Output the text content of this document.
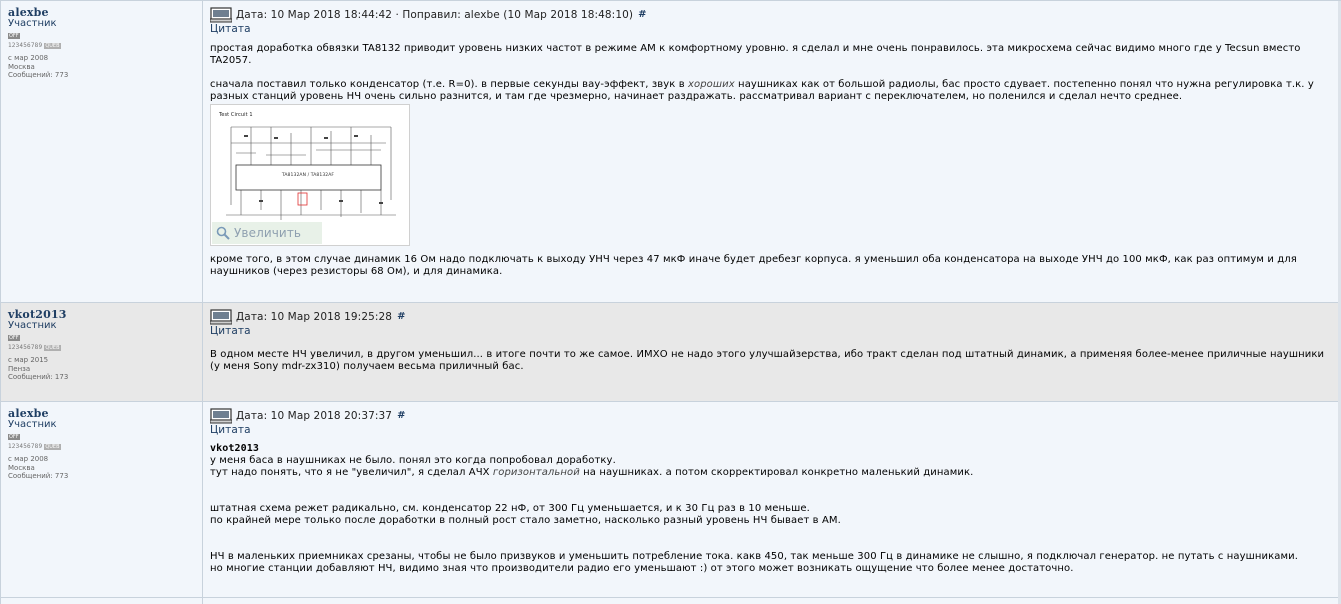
alexbe
Участник
OFF
123456789 QUEB
с мар 2008
Москва
Сообщений: 773
Дата: 10 Мар 2018 18:44:42 · Поправил: alexbe (10 Мар 2018 18:48:10) #
Цитата

простая доработка обвязки TA8132 приводит уровень низких частот в режиме АМ к комфортному уровню. я сделал и мне очень понравилось. эта микросхема сейчас видимо много где у Tecsun вместо TA2057.

сначала поставил только конденсатор (т.е. R=0). в первые секунды вау-эффект, звук в хороших наушниках как от большой радиолы, бас просто сдувает. постепенно понял что нужна регулировка т.к. у разных станций уровень НЧ очень сильно разнится, и там где чрезмерно, начинает раздражать. рассматривал вариант с переключателем, но поленился и сделал нечто среднее.

Test Circuit 1
TA8132AN / TA8132AF
Увеличить

кроме того, в этом случае динамик 16 Ом надо подключать к выходу УНЧ через 47 мкФ иначе будет дребезг корпуса. я уменьшил оба конденсатора на выходе УНЧ до 100 мкФ, как раз оптимум и для наушников (через резисторы 68 Ом), и для динамика.

vkot2013
Участник
OFF
123456789 QUEB
с мар 2015
Пенза
Сообщений: 173
Дата: 10 Мар 2018 19:25:28 #
Цитата

В одном месте НЧ увеличил, в другом уменьшил... в итоге почти то же самое. ИМХО не надо этого улучшайзерства, ибо тракт сделан под штатный динамик, а применяя более-менее приличные наушники (у меня Sony mdr-zx310) получаем весьма приличный бас.

alexbe
Участник
OFF
123456789 QUEB
с мар 2008
Москва
Сообщений: 773
Дата: 10 Мар 2018 20:37:37 #
Цитата
vkot2013

у меня баса в наушниках не было. понял это когда попробовал доработку.

тут надо понять, что я не "увеличил", я сделал АЧХ горизонтальной на наушниках. а потом скорректировал конкретно маленький динамик.

штатная схема режет радикально, см. конденсатор 22 нФ, от 300 Гц уменьшается, и к 30 Гц раз в 10 меньше.

по крайней мере только после доработки в полный рост стало заметно, насколько разный уровень НЧ бывает в АМ.

НЧ в маленьких приемниках срезаны, чтобы не было призвуков и уменьшить потребление тока. какв 450, так меньше 300 Гц в динамике не слышно, я подключал генератор. не путать с наушниками.

но многие станции добавляют НЧ, видимо зная что производители радио его уменьшают :) от этого может возникать ощущение что более менее достаточно.
